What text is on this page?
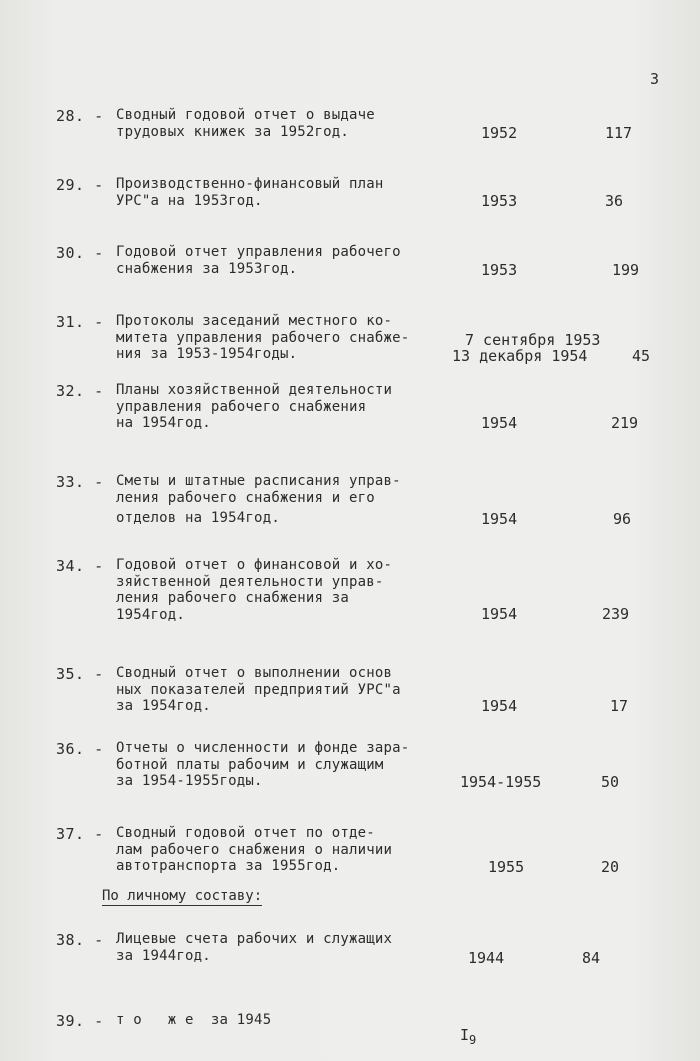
3
28. - Сводный годовой отчет о выдаче
трудовых книжек за 1952год.	1952	117
29. - Производственно-финансовый план
УРС"а на 1953год.	1953	36
30. - Годовой отчет управления рабочего
снабжения за 1953год.	1953	199
31. - Протоколы заседаний местного ко-
митета управления рабочего снабже-
ния за 1953-1954годы.
7 сентября 1953
13 декабря 1954	45
32. - Планы хозяйственной деятельности
управления рабочего снабжения
на 1954год.	1954	219
33. - Сметы и штатные расписания управ-
ления рабочего снабжения и его
отделов на 1954год.	1954	96
34. - Годовой отчет о финансовой и хо-
зяйственной деятельности управ-
ления рабочего снабжения за
1954год.	1954	239
35. - Сводный отчет о выполнении основ
ных показателей предприятий УРС"а
за 1954год.	1954	17
36. - Отчеты о численности и фонде зара-
ботной платы рабочим и служащим
за 1954-1955годы.	1954-1955	50
37. - Сводный годовой отчет по отде-
лам рабочего снабжения о наличии
автотранспорта за 1955год.	1955	20
По личному составу:
38. - Лицевые счета рабочих и служащих
за 1944год.	1944	84
39. - т о   ж е  за 1945
$I_9$
